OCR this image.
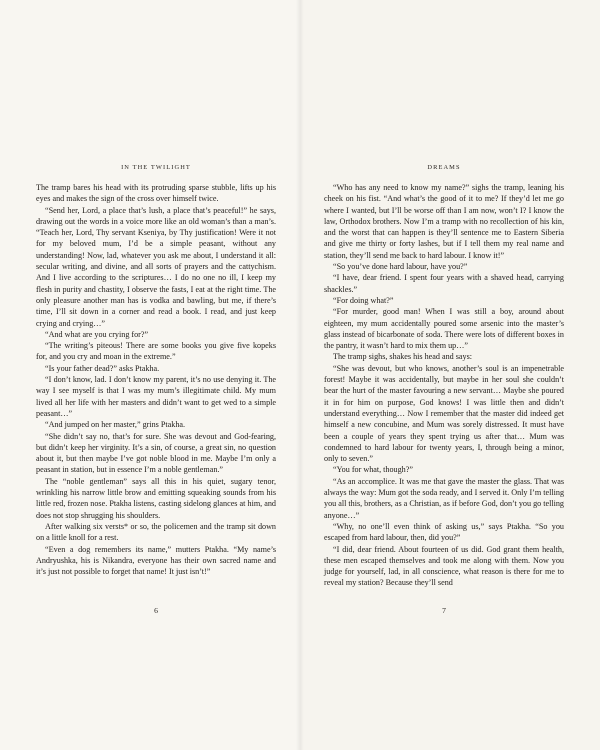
IN THE TWILIGHT

The tramp bares his head with its protruding sparse stubble, lifts up his eyes and makes the sign of the cross over himself twice.

“Send her, Lord, a place that’s lush, a place that’s peaceful!” he says, drawing out the words in a voice more like an old woman’s than a man’s. “Teach her, Lord, Thy servant Kseniya, by Thy justification! Were it not for my beloved mum, I’d be a simple peasant, without any understanding! Now, lad, whatever you ask me about, I understand it all: secular writing, and divine, and all sorts of prayers and the cattychism. And I live according to the scriptures… I do no one no ill, I keep my flesh in purity and chastity, I observe the fasts, I eat at the right time. The only pleasure another man has is vodka and bawling, but me, if there’s time, I’ll sit down in a corner and read a book. I read, and just keep crying and crying…”

“And what are you crying for?”

“The writing’s piteous! There are some books you give five kopeks for, and you cry and moan in the extreme.”

“Is your father dead?” asks Ptakha.

“I don’t know, lad. I don’t know my parent, it’s no use denying it. The way I see myself is that I was my mum’s illegitimate child. My mum lived all her life with her masters and didn’t want to get wed to a simple peasant…”

“And jumped on her master,” grins Ptakha.

“She didn’t say no, that’s for sure. She was devout and God-fearing, but didn’t keep her virginity. It’s a sin, of course, a great sin, no question about it, but then maybe I’ve got noble blood in me. Maybe I’m only a peasant in station, but in essence I’m a noble gentleman.”

The “noble gentleman” says all this in his quiet, sugary tenor, wrinkling his narrow little brow and emitting squeaking sounds from his little red, frozen nose. Ptakha listens, casting sidelong glances at him, and does not stop shrugging his shoulders.

After walking six versts* or so, the policemen and the tramp sit down on a little knoll for a rest.

“Even a dog remembers its name,” mutters Ptakha. “My name’s Andryushka, his is Nikandra, everyone has their own sacred name and it’s just not possible to forget that name! It just isn’t!”

6
DREAMS

“Who has any need to know my name?” sighs the tramp, leaning his cheek on his fist. “And what’s the good of it to me? If they’d let me go where I wanted, but I’ll be worse off than I am now, won’t I? I know the law, Orthodox brothers. Now I’m a tramp with no recollection of his kin, and the worst that can happen is they’ll sentence me to Eastern Siberia and give me thirty or forty lashes, but if I tell them my real name and station, they’ll send me back to hard labour. I know it!”

“So you’ve done hard labour, have you?”

“I have, dear friend. I spent four years with a shaved head, carrying shackles.”

“For doing what?”

“For murder, good man! When I was still a boy, around about eighteen, my mum accidentally poured some arsenic into the master’s glass instead of bicarbonate of soda. There were lots of different boxes in the pantry, it wasn’t hard to mix them up…”

The tramp sighs, shakes his head and says:

“She was devout, but who knows, another’s soul is an impenetrable forest! Maybe it was accidentally, but maybe in her soul she couldn’t bear the hurt of the master favouring a new servant… Maybe she poured it in for him on purpose, God knows! I was little then and didn’t understand everything… Now I remember that the master did indeed get himself a new concubine, and Mum was sorely distressed. It must have been a couple of years they spent trying us after that… Mum was condemned to hard labour for twenty years, I, through being a minor, only to seven.”

“You for what, though?”

“As an accomplice. It was me that gave the master the glass. That was always the way: Mum got the soda ready, and I served it. Only I’m telling you all this, brothers, as a Christian, as if before God, don’t you go telling anyone…”

“Why, no one’ll even think of asking us,” says Ptakha. “So you escaped from hard labour, then, did you?”

“I did, dear friend. About fourteen of us did. God grant them health, these men escaped themselves and took me along with them. Now you judge for yourself, lad, in all conscience, what reason is there for me to reveal my station? Because they’ll send

7
